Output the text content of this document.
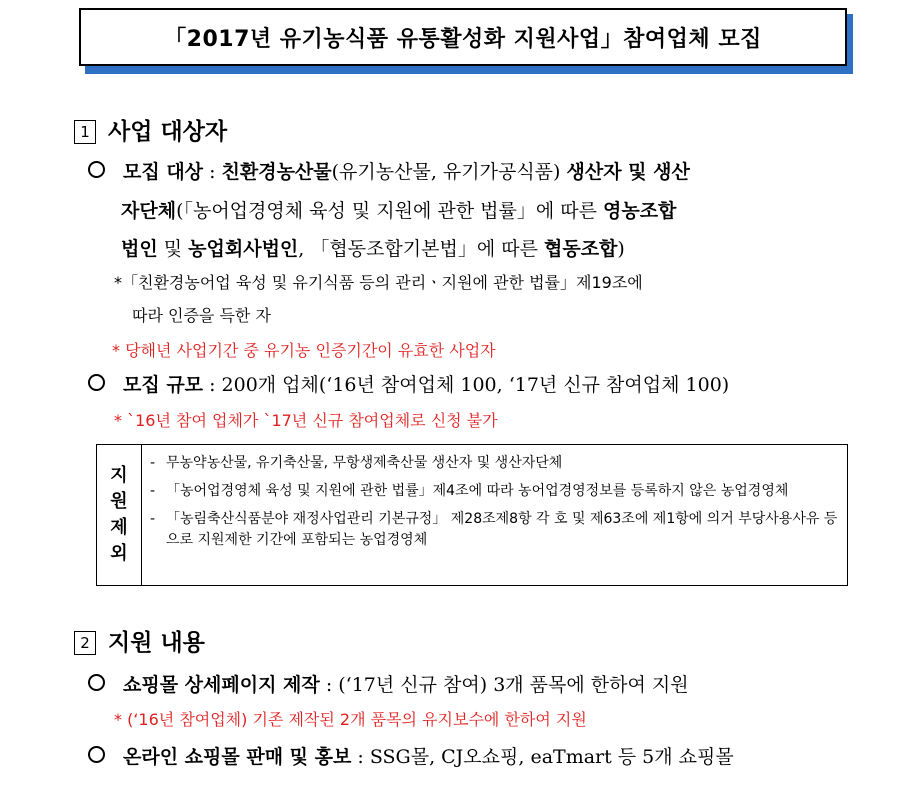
「2017년 유기농식품 유통활성화 지원사업」참여업체 모집
1 사업 대상자
모집 대상 : 친환경농산물(유기농산물, 유기가공식품) 생산자 및 생산
자단체(「농어업경영체 육성 및 지원에 관한 법률」에 따른 영농조합
법인 및 농업회사법인, 「협동조합기본법」에 따른 협동조합)
*「친환경농어업 육성 및 유기식품 등의 관리ㆍ지원에 관한 법률」제19조에
따라 인증을 득한 자
* 당해년 사업기간 중 유기농 인증기간이 유효한 사업자
모집 규모 : 200개 업체(‘16년 참여업체 100, ‘17년 신규 참여업체 100)
* `16년 참여 업체가 `17년 신규 참여업체로 신청 불가
지
원
제
외
- 무농약농산물, 유기축산물, 무항생제축산물 생산자 및 생산자단체
- 「농어업경영체 육성 및 지원에 관한 법률」제4조에 따라 농어업경영정보를 등록하지 않은 농업경영체
- 「농림축산식품분야 재정사업관리 기본규정」 제28조제8항 각 호 및 제63조에 제1항에 의거 부당사용사유 등으로 지원제한 기간에 포함되는 농업경영체
2 지원 내용
쇼핑몰 상세페이지 제작 : (‘17년 신규 참여) 3개 품목에 한하여 지원
* (‘16년 참여업체) 기존 제작된 2개 품목의 유지보수에 한하여 지원
온라인 쇼핑몰 판매 및 홍보 : SSG몰, CJ오쇼핑, eaTmart 등 5개 쇼핑몰
